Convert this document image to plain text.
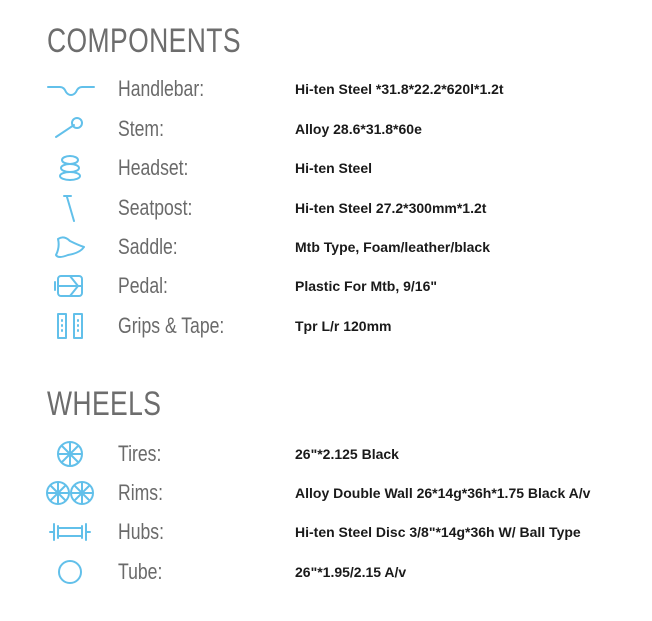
COMPONENTS
Handlebar:	Hi-ten Steel *31.8*22.2*620l*1.2t
Stem:	Alloy 28.6*31.8*60e
Headset:	Hi-ten Steel
Seatpost:	Hi-ten Steel 27.2*300mm*1.2t
Saddle:	Mtb Type, Foam/leather/black
Pedal:	Plastic For Mtb, 9/16"
Grips & Tape:	Tpr L/r 120mm
WHEELS
Tires:	26"*2.125 Black
Rims:	Alloy Double Wall 26*14g*36h*1.75 Black A/v
Hubs:	Hi-ten Steel Disc 3/8"*14g*36h W/ Ball Type
Tube:	26"*1.95/2.15 A/v
